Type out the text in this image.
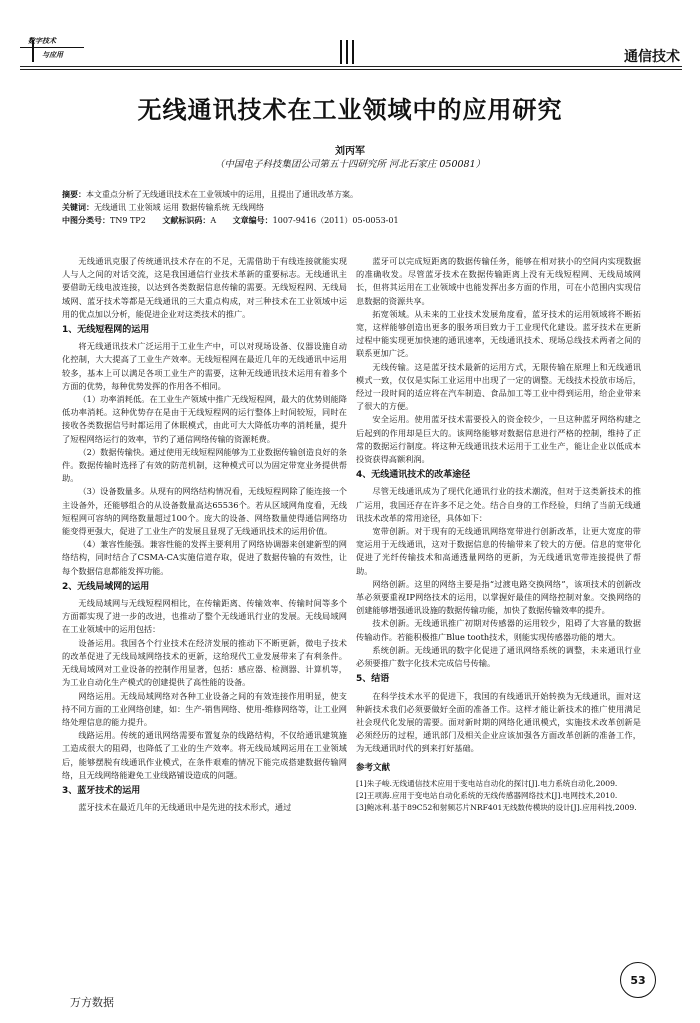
数字技术
与应用	通信技术
无线通讯技术在工业领域中的应用研究
刘丙军
（中国电子科技集团公司第五十四研究所 河北石家庄 050081）
摘要：本文重点分析了无线通讯技术在工业领域中的运用，且提出了通讯改革方案。
关键词：无线通讯 工业领域 运用 数据传输系统 无线网络
中图分类号：TN9 TP2 文献标识码：A 文章编号：1007-9416（2011）05-0053-01

无线通讯克服了传统通讯技术存在的不足，无需借助于有线连接就能实现人与人之间的对话交流，这是我国通信行业技术革新的重要标志。无线通讯主要借助无线电波连接，以达到各类数据信息传输的需要。无线短程网、无线局域网、蓝牙技术等都是无线通讯的三大重点构成，对三种技术在工业领域中运用的优点加以分析，能促进企业对这类技术的推广。

1、无线短程网的运用

将无线通讯技术广泛运用于工业生产中，可以对现场设备、仪器设施自动化控制，大大提高了工业生产效率。无线短程网在最近几年的无线通讯中运用较多，基本上可以满足各项工业生产的需要，这种无线通讯技术运用有着多个方面的优势，每种优势发挥的作用各不相同。

（1）功率消耗低。在工业生产领域中推广无线短程网，最大的优势则能降低功率消耗。这种优势存在是由于无线短程网的运行整体上时间较短，同时在接收各类数据信号时都运用了休眠模式，由此可大大降低功率的消耗量，提升了短程网络运行的效率，节约了通信网络传输的资源耗费。

（2）数据传输快。通过使用无线短程网能够为工业数据传输创造良好的条件。数据传输时选择了有效的防范机制，这种模式可以为固定带宽业务提供帮助。

（3）设备数量多。从现有的网络结构情况看，无线短程网除了能连接一个主设备外，还能够组合的从设备数量高达65536个。若从区域网角度看，无线短程网可容纳的网络数量超过100个。庞大的设备、网络数量使得通信网络功能变得更强大，促进了工业生产的发展且显现了无线通讯技术的运用价值。

（4）兼容性能强。兼容性能的发挥主要利用了网络协调器来创建新型的网络结构，同时结合了CSMA-CA实施信道存取，促进了数据传输的有效性，让每个数据信息都能发挥功能。

2、无线局域网的运用

无线局域网与无线短程网相比，在传输距离、传输效率、传输时间等多个方面都实现了进一步的改进，也推动了整个无线通讯行业的发展。无线局域网在工业领域中的运用包括：

设备运用。我国各个行业技术在经济发展的推动下不断更新，微电子技术的改革促进了无线局域网络技术的更新，这给现代工业发展带来了有利条件。无线局域网对工业设备的控制作用显著，包括：感应器、检测器、计算机等，为工业自动化生产模式的创建提供了高性能的设备。

网络运用。无线局域网络对各种工业设备之间的有效连接作用明显，使支持不同方面的工业网络创建，如：生产-销售网络、使用-维修网络等，让工业网络处理信息的能力提升。

线路运用。传统的通讯网络需要布置复杂的线路结构，不仅给通讯建筑施工造成很大的阻碍，也降低了工业的生产效率。将无线局域网运用在工业领域后，能够摆脱有线通讯作业模式，在条件艰难的情况下能完成搭建数据传输网络，且无线网络能避免工业线路铺设造成的问题。

3、蓝牙技术的运用

蓝牙技术在最近几年的无线通讯中是先进的技术形式，通过

蓝牙可以完成短距离的数据传输任务，能够在相对狭小的空间内实现数据的准确收发。尽管蓝牙技术在数据传输距离上没有无线短程网、无线局域网长，但将其运用在工业领域中也能发挥出多方面的作用，可在小范围内实现信息数据的资源共享。

拓宽领域。从未来的工业技术发展角度看，蓝牙技术的运用领域将不断拓宽，这样能够创造出更多的服务项目致力于工业现代化建设。蓝牙技术在更新过程中能实现更加快速的通讯速率，无线通讯技术、现场总线技术两者之间的联系更加广泛。

无线传输。这是蓝牙技术最新的运用方式，无限传输在原理上和无线通讯模式一致，仅仅是实际工业运用中出现了一定的调整。无线技术投放市场后，经过一段时间的适应将在汽车制造、食品加工等工业中得到运用，给企业带来了很大的方便。

安全运用。使用蓝牙技术需要投入的资金较少，一旦这种蓝牙网络构建之后起到的作用却是巨大的。该网络能够对数据信息进行严格的控制，维持了正常的数据运行制度。将这种无线通讯技术运用于工业生产，能让企业以低成本投资获得高额利润。

4、无线通讯技术的改革途径

尽管无线通讯成为了现代化通讯行业的技术潮流，但对于这类新技术的推广运用，我国还存在许多不足之处。结合自身的工作经验，归纳了当前无线通讯技术改革的常用途径，具体如下：

宽带创新。对于现有的无线通讯网络宽带进行创新改革，让更大宽度的带宽运用于无线通讯，这对于数据信息的传输带来了较大的方便。信息的宽带化促进了光纤传输技术和高通透量网络的更新，为无线通讯宽带连接提供了帮助。

网络创新。这里的网络主要是指“过渡电路交换网络”，该项技术的创新改革必须要重视IP网络技术的运用，以掌握好最佳的网络控制对象。交换网络的创建能够增强通讯设施的数据传输功能，加快了数据传输效率的提升。

技术创新。无线通讯推广初期对传感器的运用较少，阻碍了大容量的数据传输动作。若能积极推广Blue tooth技术，则能实现传感器功能的增大。

系统创新。无线通讯的数字化促进了通讯网络系统的调整，未来通讯行业必须要推广数字化技术完成信号传输。

5、结语

在科学技术水平的促进下，我国的有线通讯开始转换为无线通讯，面对这种新技术我们必须要做好全面的准备工作。这样才能让新技术的推广使用满足社会现代化发展的需要。面对新时期的网络化通讯模式，实施技术改革创新是必须经历的过程，通讯部门及相关企业应该加强各方面改革创新的准备工作，为无线通讯时代的到来打好基础。

参考文献

[1]朱子峻.无线通信技术应用于变电站自动化的探讨[J].电力系统自动化,2009.

[2]王项海.应用于变电站自动化系统的无线传感器网络技术[J].电网技术,2010.

[3]鲍冰利.基于89C52和射频芯片NRF401无线数传模块的设计[J].应用科技,2009.

万方数据
53
